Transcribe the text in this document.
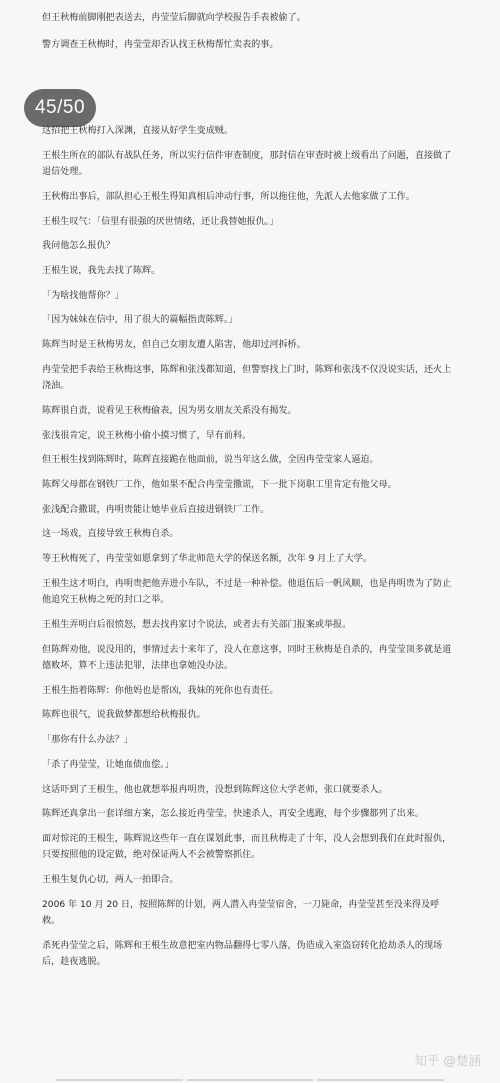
但王秋梅前脚刚把表送去，冉莹莹后脚就向学校报告手表被偷了。

警方调查王秋梅时，冉莹莹却否认找王秋梅帮忙卖表的事。

45/50

这招把王秋梅打入深渊，直接从好学生变成贼。

王根生所在的部队有战队任务，所以实行信件审查制度，那封信在审查时被上级看出了问题，直接做了退信处理。

王秋梅出事后，部队担心王根生得知真相后冲动行事，所以拖住他，先派人去他家做了工作。

王根生叹气：「信里有很强的厌世情绪，还让我替她报仇。」

我问他怎么报仇？

王根生说，我先去找了陈辉。

「为啥找他帮你？」

「因为妹妹在信中，用了很大的篇幅指责陈辉。」

陈辉当时是王秋梅男友，但自己女朋友遭人陷害，他却过河拆桥。

冉莹莹把手表给王秋梅这事，陈辉和张浅都知道，但警察找上门时，陈辉和张浅不仅没说实话，还火上浇油。

陈辉很自责，说看见王秋梅偷表，因为男女朋友关系没有揭发。

张浅很肯定，说王秋梅小偷小摸习惯了，早有前科。

但王根生找到陈辉时，陈辉直接跪在他面前，说当年这么做，全因冉莹莹家人逼迫。

陈辉父母都在钢铁厂工作，他如果不配合冉莹莹撒谎，下一批下岗职工里肯定有他父母。

张浅配合撒谎，冉明贵能让她毕业后直接进钢铁厂工作。

这一场戏，直接导致王秋梅自杀。

等王秋梅死了，冉莹莹如愿拿到了华北师范大学的保送名额，次年 9 月上了大学。

王根生这才明白，冉明贵把他弄进小车队，不过是一种补偿。他退伍后一帆风顺，也是冉明贵为了防止他追究王秋梅之死的封口之举。

王根生弄明白后很愤怒，想去找冉家讨个说法，或者去有关部门报案或举报。

但陈辉劝他，说没用的，事情过去十来年了，没人在意这事，同时王秋梅是自杀的，冉莹莹顶多就是道德败坏，算不上违法犯罪，法律也拿她没办法。

王根生指着陈辉：你他妈也是帮凶，我妹的死你也有责任。

陈辉也很气，说我做梦都想给秋梅报仇。

「那你有什么办法？」

「杀了冉莹莹，让她血债血偿。」

这话吓到了王根生，他也就想举报冉明贵，没想到陈辉这位大学老师，张口就要杀人。

陈辉还真拿出一套详细方案，怎么接近冉莹莹，快速杀人，再安全逃跑，每个步骤都列了出来。

面对惊诧的王根生，陈辉说这些年一直在谋划此事，而且秋梅走了十年，没人会想到我们在此时报仇，只要按照他的设定做，绝对保证两人不会被警察抓住。

王根生复仇心切，两人一拍即合。

2006 年 10 月 20 日，按照陈辉的计划，两人潜入冉莹莹宿舍，一刀毙命，冉莹莹甚至没来得及呼救。

杀死冉莹莹之后，陈辉和王根生故意把室内物品翻得七零八落，伪造成入室盗窃转化抢劫杀人的现场后，趁夜逃脱。

知乎 @楚涵
